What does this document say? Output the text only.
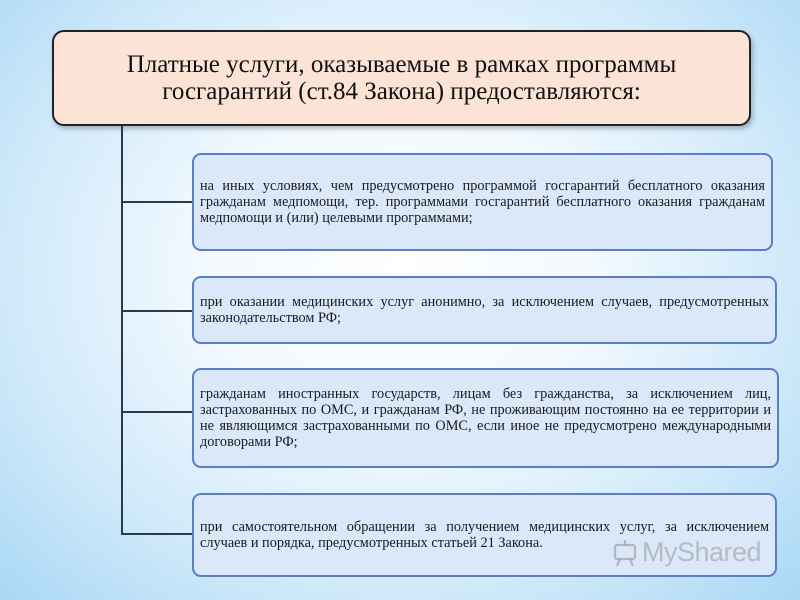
Платные услуги, оказываемые в рамках программы
госгарантий (ст.84 Закона) предоставляются:

на иных условиях, чем предусмотрено программой госгарантий бесплатного оказания гражданам медпомощи, тер. программами госгарантий бесплатного оказания гражданам медпомощи и (или) целевыми программами;

при оказании медицинских услуг анонимно, за исключением случаев, предусмотренных законодательством РФ;

гражданам иностранных государств, лицам без гражданства, за исключением лиц, застрахованных по ОМС, и гражданам РФ, не проживающим постоянно на ее территории и не являющимся застрахованными по ОМС, если иное не предусмотрено международными договорами РФ;

при самостоятельном обращении за получением медицинских услуг, за исключением случаев и порядка, предусмотренных статьей 21 Закона.	MyShared
